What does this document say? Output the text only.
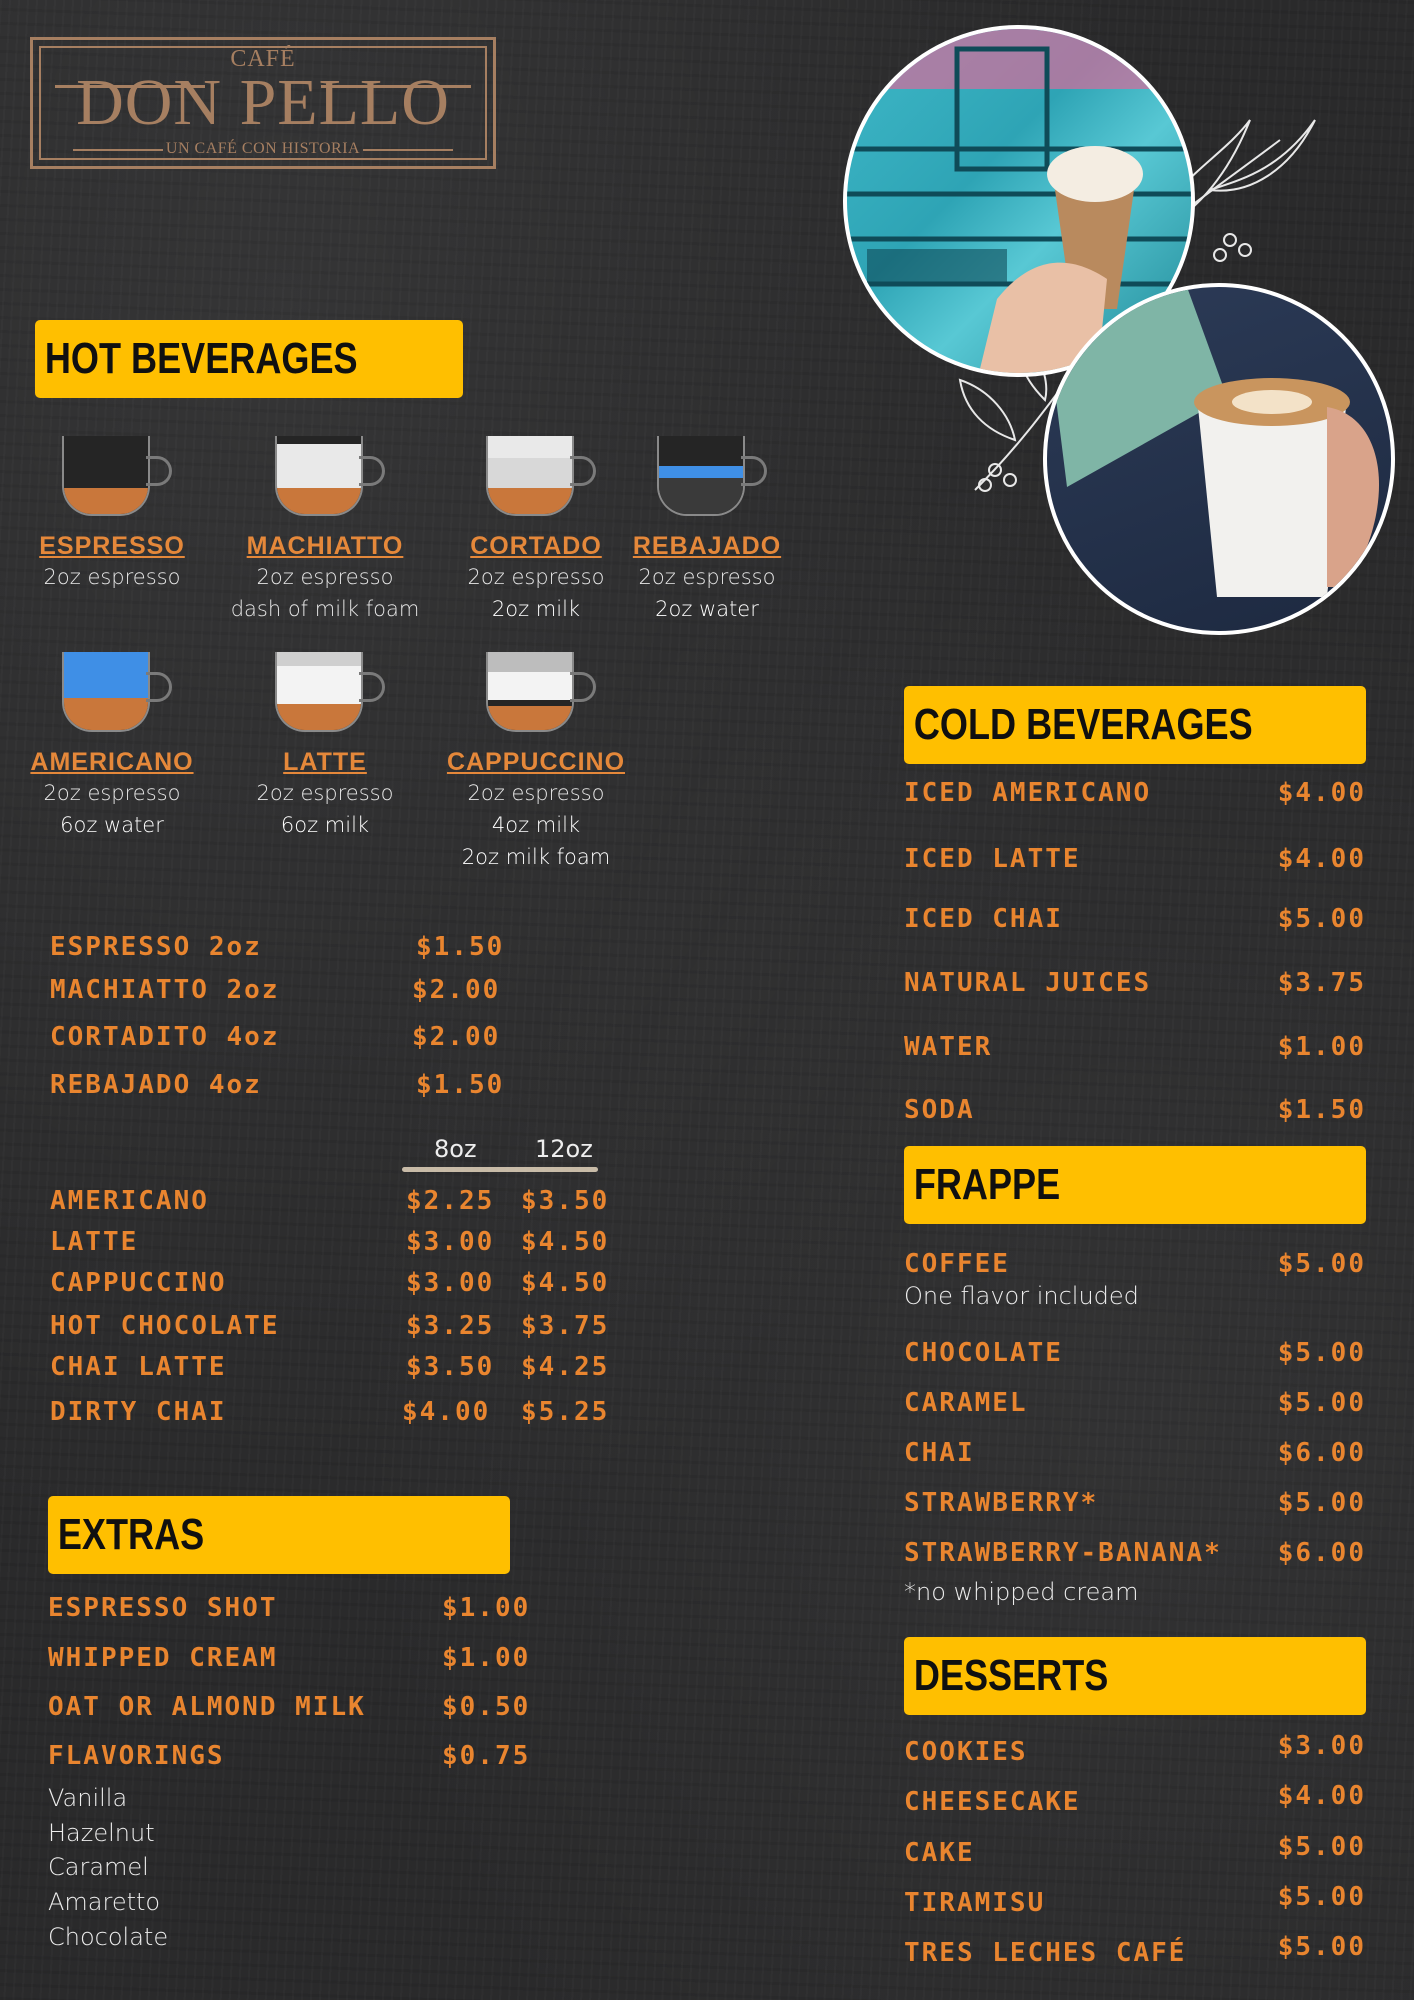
CAFÉ
DON PELLO
UN CAFÉ CON HISTORIA
HOT BEVERAGES
ESPRESSO
2oz espresso
MACHIATTO
2oz espresso
dash of milk foam
CORTADO
2oz espresso
2oz milk
REBAJADO
2oz espresso
2oz water
AMERICANO
2oz espresso
6oz water
LATTE
2oz espresso
6oz milk
CAPPUCCINO
2oz espresso
4oz milk
2oz milk foam
ESPRESSO 2oz	$1.50
MACHIATTO 2oz	$2.00
CORTADITO 4oz	$2.00
REBAJADO 4oz	$1.50
8oz 12oz
AMERICANO	$2.25 $3.50
LATTE	$3.00 $4.50
CAPPUCCINO	$3.00 $4.50
HOT CHOCOLATE	$3.25 $3.75
CHAI LATTE	$3.50 $4.25
DIRTY CHAI	$4.00 $5.25
EXTRAS
ESPRESSO SHOT	$1.00
WHIPPED CREAM	$1.00
OAT OR ALMOND MILK	$0.50
FLAVORINGS	$0.75
Vanilla
Hazelnut
Caramel
Amaretto
Chocolate
COLD BEVERAGES
ICED AMERICANO	$4.00
ICED LATTE	$4.00
ICED CHAI	$5.00
NATURAL JUICES	$3.75
WATER	$1.00
SODA	$1.50
FRAPPE
COFFEE	$5.00
One flavor included
CHOCOLATE	$5.00
CARAMEL	$5.00
CHAI	$6.00
STRAWBERRY*	$5.00
STRAWBERRY-BANANA* $6.00
*no whipped cream
DESSERTS
COOKIES	$3.00
CHEESECAKE	$4.00
CAKE	$5.00
TIRAMISU	$5.00
TRES LECHES CAFÉ	$5.00
